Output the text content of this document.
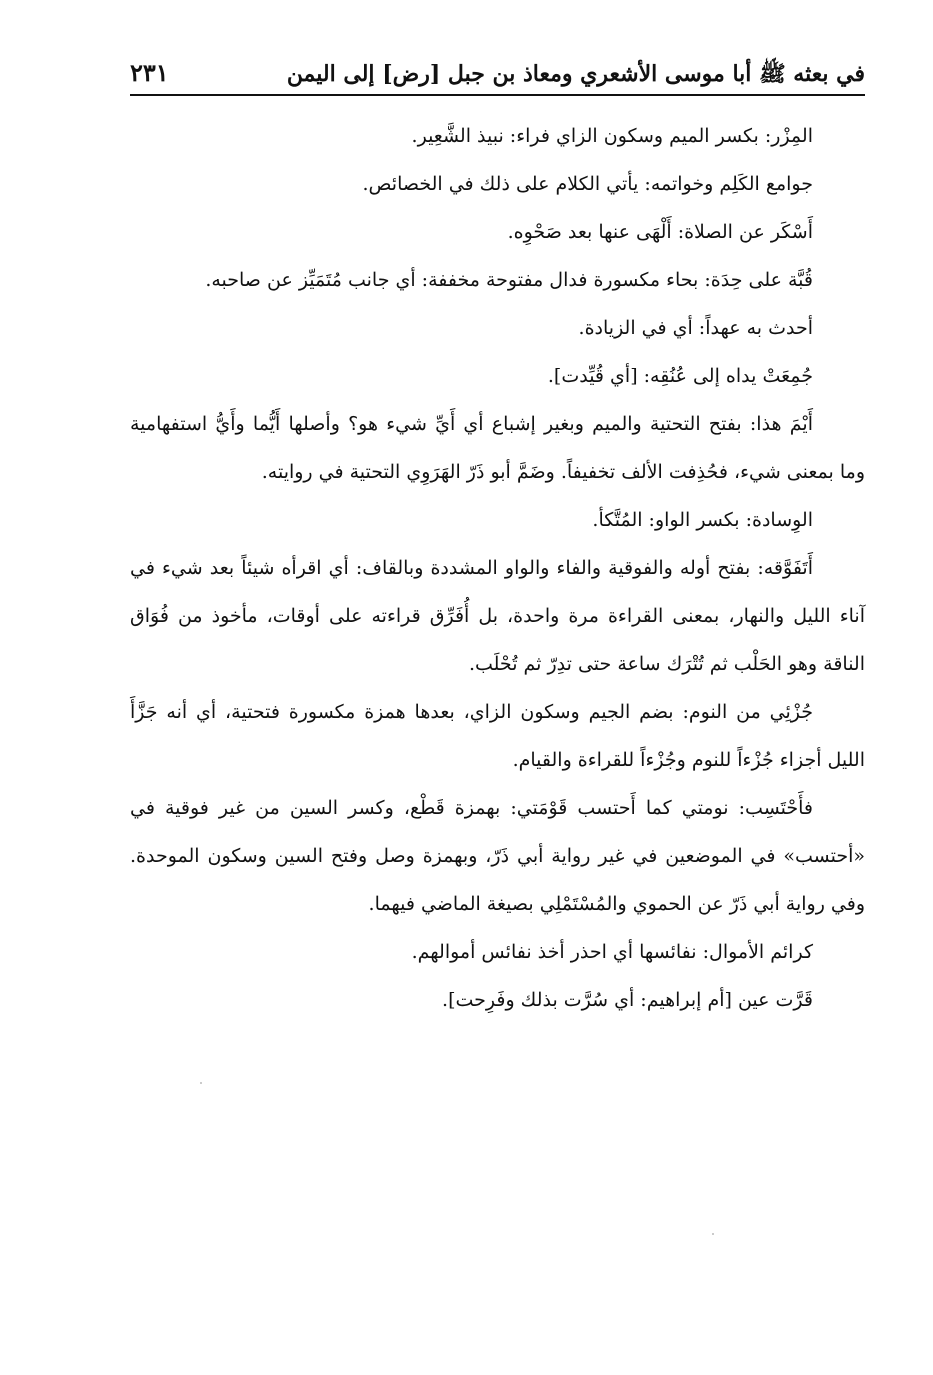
في بعثه ﷺ أبا موسى الأشعري ومعاذ بن جبل [رض] إلى اليمن
٢٣١

المِزْر: بكسر الميم وسكون الزاي فراء: نبيذ الشَّعِير.

جوامع الكَلِم وخواتمه: يأتي الكلام على ذلك في الخصائص.

أَسْكَر عن الصلاة: أَلْهَى عنها بعد صَحْوِه.

قُبَّة على حِدَة: بحاء مكسورة فدال مفتوحة مخففة: أي جانب مُتَمَيِّز عن صاحبه.

أحدث به عهداً: أي في الزيادة.

جُمِعَتْ يداه إلى عُنُقِه: [أي قُيِّدت].

أَيْمَ هذا: بفتح التحتية والميم وبغير إشباع أي أَيِّ شيء هو؟ وأصلها أَيُّما وأَيُّ استفهامية وما بمعنى شيء، فحُذِفت الألف تخفيفاً. وضَمَّ أبو ذَرّ الهَرَوِي التحتية في روايته.

الوِسادة: بكسر الواو: المُتَّكأ.

أَتَفَوَّقه: بفتح أوله والفوقية والفاء والواو المشددة وبالقاف: أي اقرأه شيئاً بعد شيء في آناء الليل والنهار، بمعنى القراءة مرة واحدة، بل أُفَرِّق قراءته على أوقات، مأخوذ من فُوَاق الناقة وهو الحَلْب ثم تُتْرَك ساعة حتى تدِرّ ثم تُحْلَب.

جُزْئِي من النوم: بضم الجيم وسكون الزاي، بعدها همزة مكسورة فتحتية، أي أنه جَزَّأَ الليل أجزاء جُزْءاً للنوم وجُزْءاً للقراءة والقيام.

فأَحْتَسِب: نومتي كما أَحتسب قَوْمَتي: بهمزة قَطْع، وكسر السين من غير فوقية في «أحتسب» في الموضعين في غير رواية أبي ذَرّ، وبهمزة وصل وفتح السين وسكون الموحدة. وفي رواية أبي ذَرّ عن الحموي والمُسْتَمْلِي بصيغة الماضي فيهما.

كرائم الأموال: نفائسها أي احذر أخذ نفائس أموالهم.

قَرَّت عين [أم إبراهيم: أي سُرَّت بذلك وفَرِحت].
